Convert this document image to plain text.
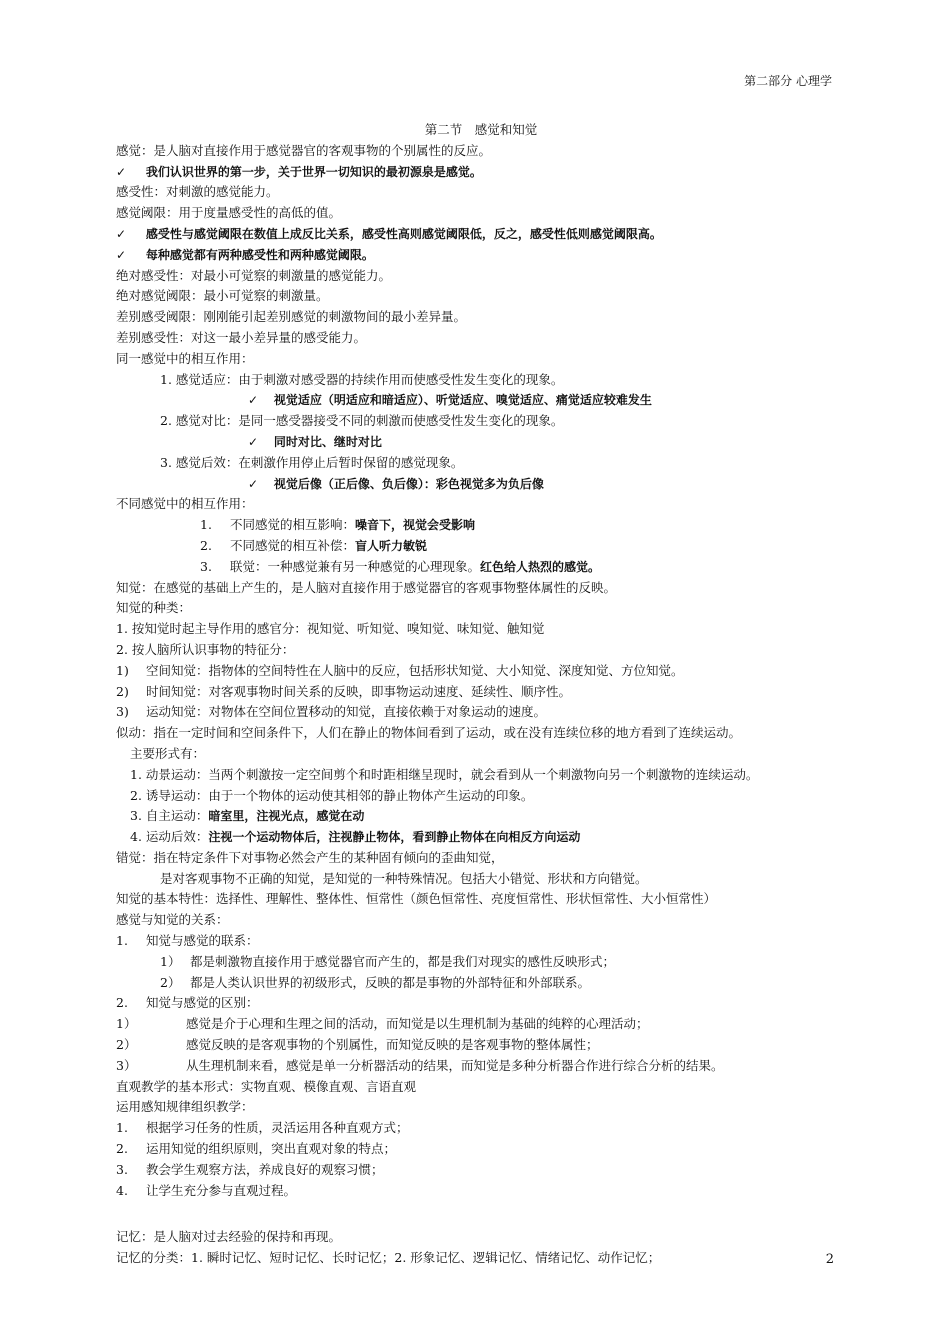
第二部分 心理学
第二节　感觉和知觉
感觉：是人脑对直接作用于感觉器官的客观事物的个别属性的反应。
✓ 我们认识世界的第一步，关于世界一切知识的最初源泉是感觉。
感受性：对刺激的感觉能力。
感觉阈限：用于度量感受性的高低的值。
✓ 感受性与感觉阈限在数值上成反比关系，感受性高则感觉阈限低，反之，感受性低则感觉阈限高。
✓ 每种感觉都有两种感受性和两种感觉阈限。
绝对感受性：对最小可觉察的刺激量的感觉能力。
绝对感觉阈限：最小可觉察的刺激量。
差别感受阈限：刚刚能引起差别感觉的刺激物间的最小差异量。
差别感受性：对这一最小差异量的感受能力。
同一感觉中的相互作用：
1. 感觉适应：由于刺激对感受器的持续作用而使感受性发生变化的现象。
✓ 视觉适应（明适应和暗适应）、听觉适应、嗅觉适应、痛觉适应较难发生
2. 感觉对比：是同一感受器接受不同的刺激而使感受性发生变化的现象。
✓ 同时对比、继时对比
3. 感觉后效：在刺激作用停止后暂时保留的感觉现象。
✓ 视觉后像（正后像、负后像）：彩色视觉多为负后像
不同感觉中的相互作用：
1. 不同感觉的相互影响：噪音下，视觉会受影响
2. 不同感觉的相互补偿：盲人听力敏锐
3. 联觉：一种感觉兼有另一种感觉的心理现象。红色给人热烈的感觉。
知觉：在感觉的基础上产生的，是人脑对直接作用于感觉器官的客观事物整体属性的反映。
知觉的种类：
1. 按知觉时起主导作用的感官分：视知觉、听知觉、嗅知觉、味知觉、触知觉
2. 按人脑所认识事物的特征分：
1) 空间知觉：指物体的空间特性在人脑中的反应，包括形状知觉、大小知觉、深度知觉、方位知觉。
2) 时间知觉：对客观事物时间关系的反映，即事物运动速度、延续性、顺序性。
3) 运动知觉：对物体在空间位置移动的知觉，直接依赖于对象运动的速度。
似动：指在一定时间和空间条件下，人们在静止的物体间看到了运动，或在没有连续位移的地方看到了连续运动。
主要形式有：
1. 动景运动：当两个刺激按一定空间剪个和时距相继呈现时，就会看到从一个刺激物向另一个刺激物的连续运动。
2. 诱导运动：由于一个物体的运动使其相邻的静止物体产生运动的印象。
3. 自主运动：暗室里，注视光点，感觉在动
4. 运动后效：注视一个运动物体后，注视静止物体，看到静止物体在向相反方向运动
错觉：指在特定条件下对事物必然会产生的某种固有倾向的歪曲知觉，
是对客观事物不正确的知觉，是知觉的一种特殊情况。包括大小错觉、形状和方向错觉。
知觉的基本特性：选择性、理解性、整体性、恒常性（颜色恒常性、亮度恒常性、形状恒常性、大小恒常性）
感觉与知觉的关系：
1. 知觉与感觉的联系：
1） 都是刺激物直接作用于感觉器官而产生的，都是我们对现实的感性反映形式；
2） 都是人类认识世界的初级形式，反映的都是事物的外部特征和外部联系。
2. 知觉与感觉的区别：
1）	感觉是介于心理和生理之间的活动，而知觉是以生理机制为基础的纯粹的心理活动；
2）	感觉反映的是客观事物的个别属性，而知觉反映的是客观事物的整体属性；
3）	从生理机制来看，感觉是单一分析器活动的结果，而知觉是多种分析器合作进行综合分析的结果。
直观教学的基本形式：实物直观、模像直观、言语直观
运用感知规律组织教学：
1. 根据学习任务的性质，灵活运用各种直观方式；
2. 运用知觉的组织原则，突出直观对象的特点；
3. 教会学生观察方法，养成良好的观察习惯；
4. 让学生充分参与直观过程。
记忆：是人脑对过去经验的保持和再现。
记忆的分类：1. 瞬时记忆、短时记忆、长时记忆；2. 形象记忆、逻辑记忆、情绪记忆、动作记忆；	2
